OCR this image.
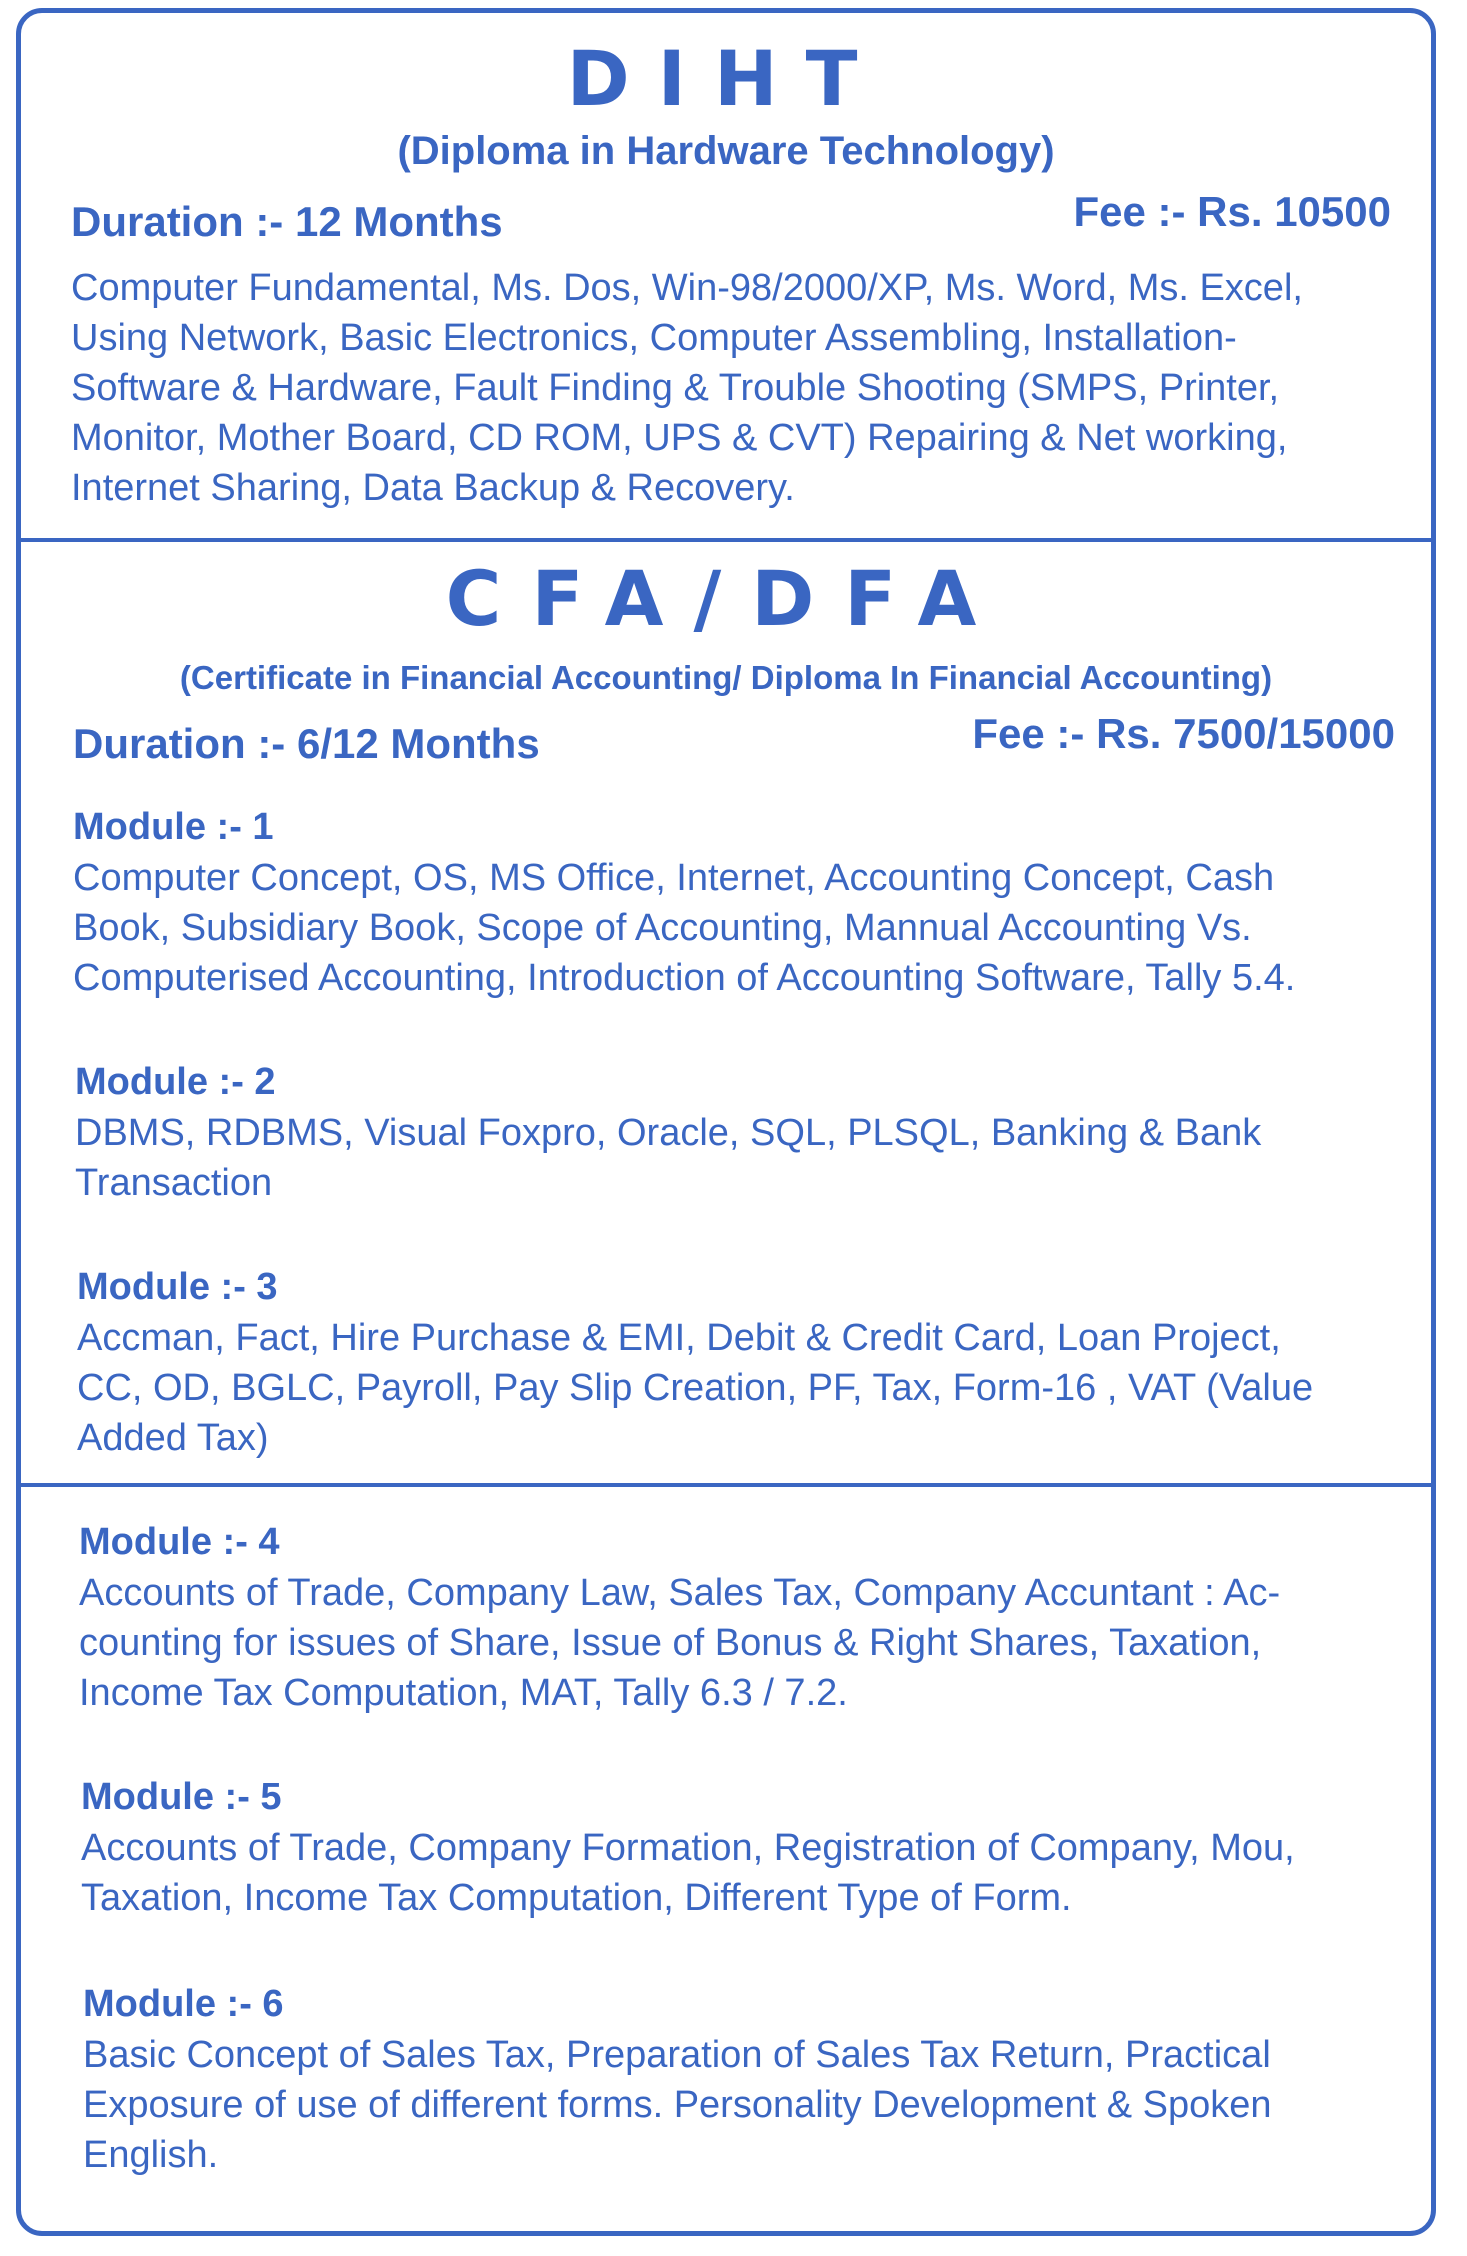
DIHT
(Diploma in Hardware Technology)
Duration :- 12 Months	Fee :- Rs. 10500
Computer Fundamental, Ms. Dos, Win-98/2000/XP, Ms. Word, Ms. Excel,
Using Network, Basic Electronics, Computer Assembling, Installation-
Software & Hardware, Fault Finding & Trouble Shooting (SMPS, Printer,
Monitor, Mother Board, CD ROM, UPS & CVT) Repairing & Net working,
Internet Sharing, Data Backup & Recovery.
CFA/DFA
(Certificate in Financial Accounting/ Diploma In Financial Accounting)
Duration :- 6/12 Months	Fee :- Rs. 7500/15000
Module :- 1
Computer Concept, OS, MS Office, Internet, Accounting Concept, Cash
Book, Subsidiary Book, Scope of Accounting, Mannual Accounting Vs.
Computerised Accounting, Introduction of Accounting Software, Tally 5.4.
Module :- 2
DBMS, RDBMS, Visual Foxpro, Oracle, SQL, PLSQL, Banking & Bank
Transaction
Module :- 3
Accman, Fact, Hire Purchase & EMI, Debit & Credit Card, Loan Project,
CC, OD, BGLC, Payroll, Pay Slip Creation, PF, Tax, Form-16 , VAT (Value
Added Tax)
Module :- 4
Accounts of Trade, Company Law, Sales Tax, Company Accuntant : Ac-
counting for issues of Share, Issue of Bonus & Right Shares, Taxation,
Income Tax Computation, MAT, Tally 6.3 / 7.2.
Module :- 5
Accounts of Trade, Company Formation, Registration of Company, Mou,
Taxation, Income Tax Computation, Different Type of Form.
Module :- 6
Basic Concept of Sales Tax, Preparation of Sales Tax Return, Practical
Exposure of use of different forms. Personality Development & Spoken
English.
